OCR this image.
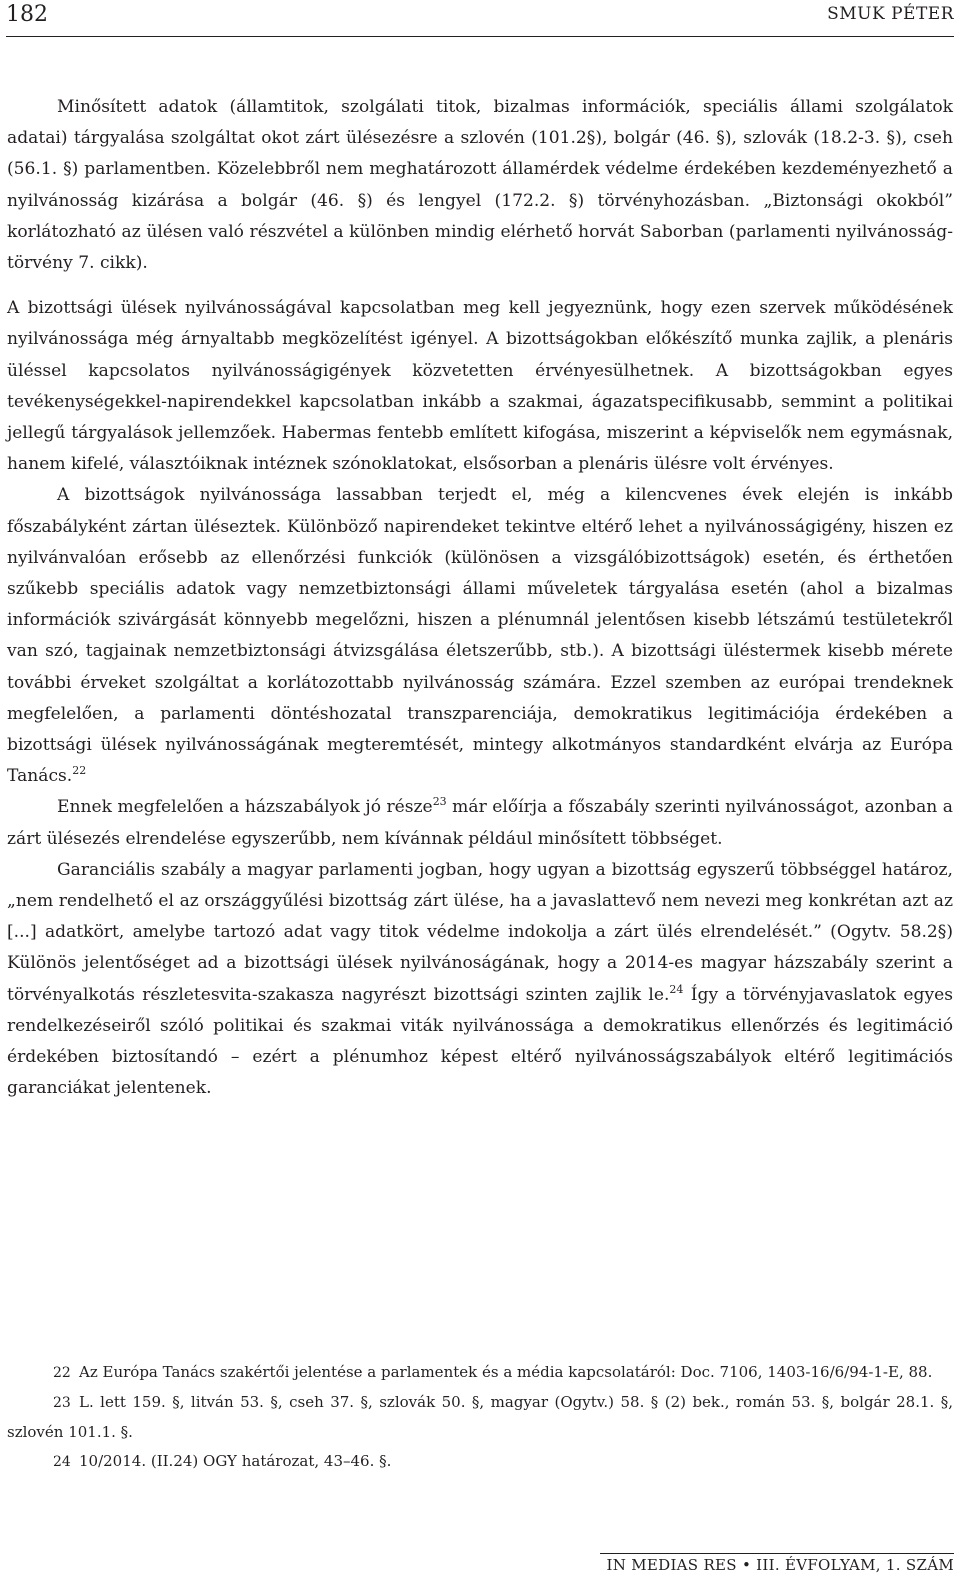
182	SMUK PÉTER

Minősített adatok (államtitok, szolgálati titok, bizalmas információk, speciális állami szolgálatok adatai) tárgyalása szolgáltat okot zárt ülésezésre a szlovén (101.2§), bolgár (46. §), szlovák (18.2-3. §), cseh (56.1. §) parlamentben. Közelebbről nem meghatározott államérdek védelme érdekében kezdeményezhető a nyilvánosság kizárása a bolgár (46. §) és lengyel (172.2. §) törvényhozásban. „Biztonsági okokból” korlátozható az ülésen való részvétel a különben mindig elérhető horvát Saborban (parlamenti nyilvánosság-törvény 7. cikk).

A bizottsági ülések nyilvánosságával kapcsolatban meg kell jegyeznünk, hogy ezen szervek működésének nyilvánossága még árnyaltabb megközelítést igényel. A bizottságokban előkészítő munka zajlik, a plenáris üléssel kapcsolatos nyilvánosságigények közvetetten érvényesülhetnek. A bizottságokban egyes tevékenységekkel-napirendekkel kapcsolatban inkább a szakmai, ágazatspecifikusabb, semmint a politikai jellegű tárgyalások jellemzőek. Habermas fentebb említett kifogása, miszerint a képviselők nem egymásnak, hanem kifelé, választóiknak intéznek szónoklatokat, elsősorban a plenáris ülésre volt érvényes.

A bizottságok nyilvánossága lassabban terjedt el, még a kilencvenes évek elején is inkább főszabályként zártan üléseztek. Különböző napirendeket tekintve eltérő lehet a nyilvánosságigény, hiszen ez nyilvánvalóan erősebb az ellenőrzési funkciók (különösen a vizsgálóbizottságok) esetén, és érthetően szűkebb speciális adatok vagy nemzetbiztonsági állami műveletek tárgyalása esetén (ahol a bizalmas információk szivárgását könnyebb megelőzni, hiszen a plénumnál jelentősen kisebb létszámú testületekről van szó, tagjainak nemzetbiztonsági átvizsgálása életszerűbb, stb.). A bizottsági üléstermek kisebb mérete további érveket szolgáltat a korlátozottabb nyilvánosság számára. Ezzel szemben az európai trendeknek megfelelően, a parlamenti döntéshozatal transzparenciája, demokratikus legitimációja érdekében a bizottsági ülések nyilvánosságának megteremtését, mintegy alkotmányos standardként elvárja az Európa Tanács.$^{22}$

Ennek megfelelően a házszabályok jó része$^{23}$ már előírja a főszabály szerinti nyilvánosságot, azonban a zárt ülésezés elrendelése egyszerűbb, nem kívánnak például minősített többséget.

Garanciális szabály a magyar parlamenti jogban, hogy ugyan a bizottság egyszerű többséggel határoz, „nem rendelhető el az országgyűlési bizottság zárt ülése, ha a javaslattevő nem nevezi meg konkrétan azt az [...] adatkört, amelybe tartozó adat vagy titok védelme indokolja a zárt ülés elrendelését.” (Ogytv. 58.2§) Különös jelentőséget ad a bizottsági ülések nyilvánoságának, hogy a 2014-es magyar házszabály szerint a törvényalkotás részletesvita-szakasza nagyrészt bizottsági szinten zajlik le.$^{24}$ Így a törvényjavaslatok egyes rendelkezéseiről szóló politikai és szakmai viták nyilvánossága a demokratikus ellenőrzés és legitimáció érdekében biztosítandó – ezért a plénumhoz képest eltérő nyilvánosságszabályok eltérő legitimációs garanciákat jelentenek.

22 Az Európa Tanács szakértői jelentése a parlamentek és a média kapcsolatáról: Doc. 7106, 1403-16/6/94-1-E, 88.

23 L. lett 159. §, litván 53. §, cseh 37. §, szlovák 50. §, magyar (Ogytv.) 58. § (2) bek., román 53. §, bolgár 28.1. §, szlovén 101.1. §.

24 10/2014. (II.24) OGY határozat, 43–46. §.

IN MEDIAS RES • III. ÉVFOLYAM, 1. SZÁM
